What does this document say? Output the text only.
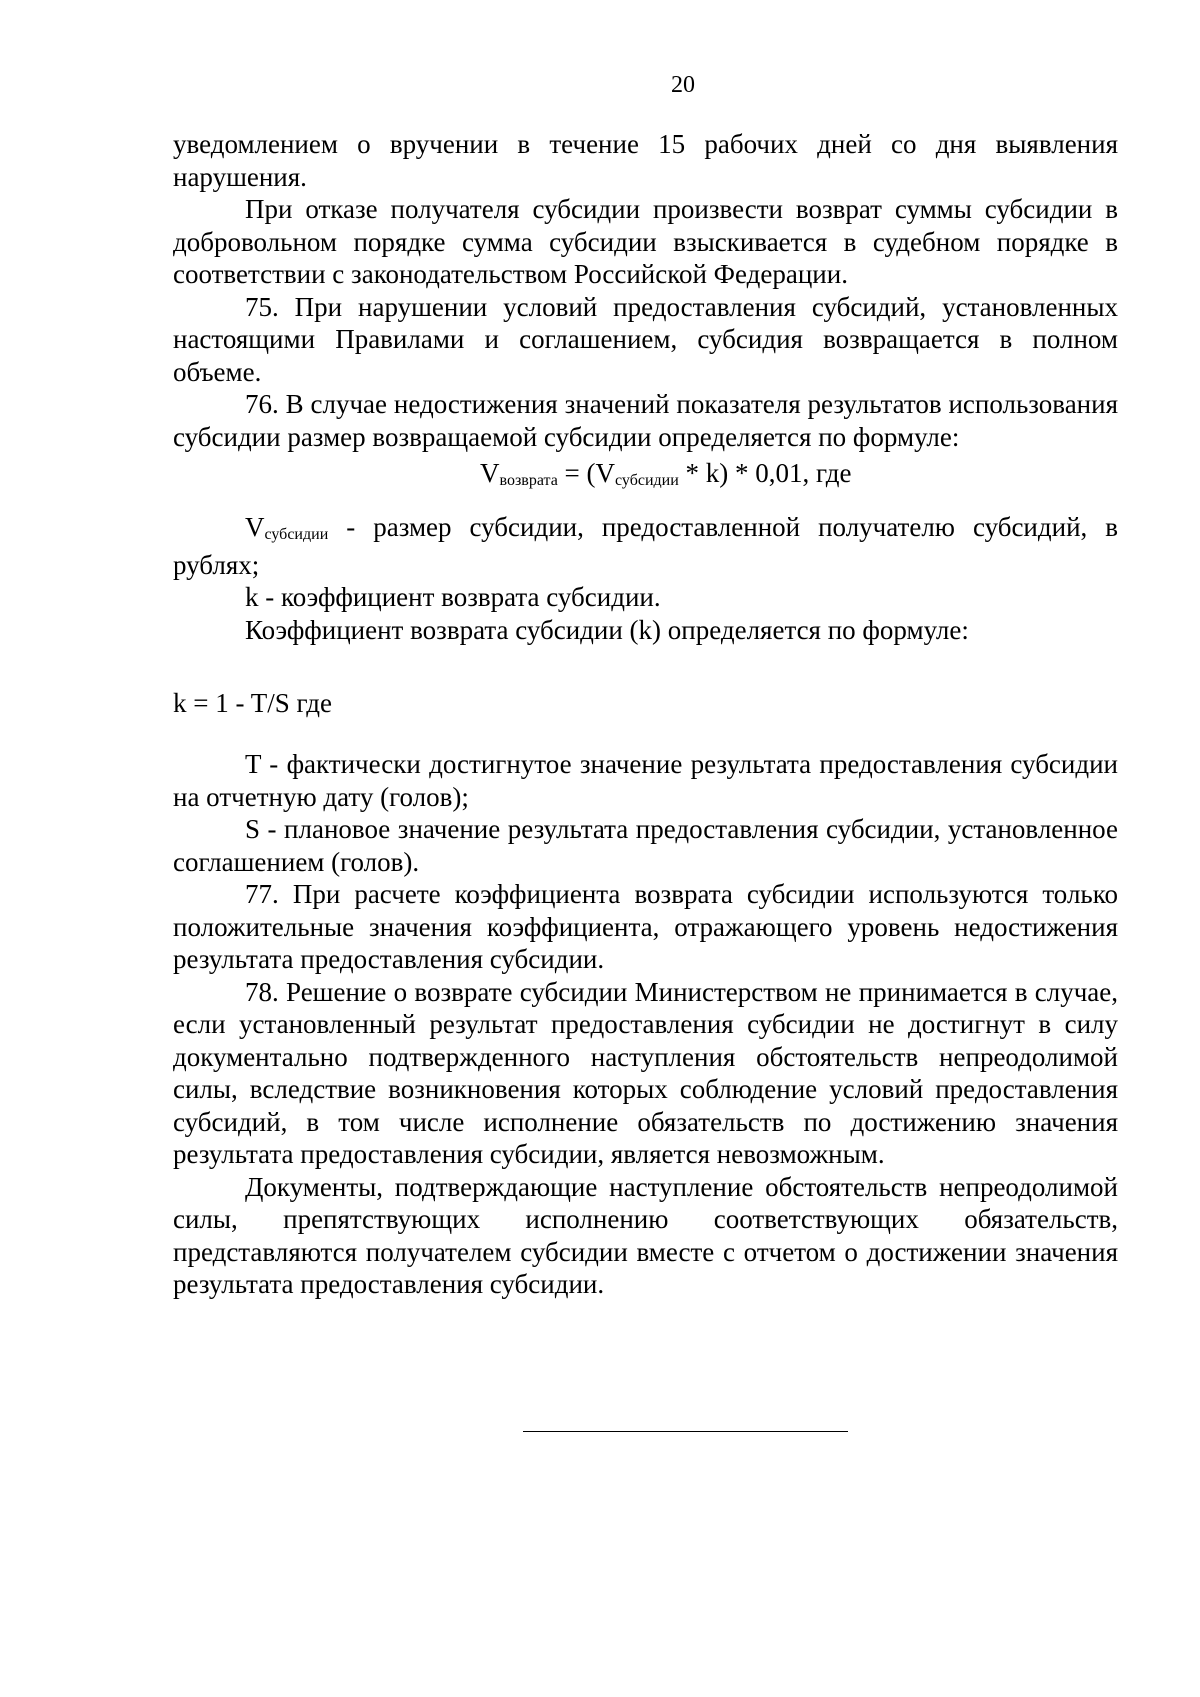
20

уведомлением о вручении в течение 15 рабочих дней со дня выявления нарушения.

При отказе получателя субсидии произвести возврат суммы субсидии в добровольном порядке сумма субсидии взыскивается в судебном порядке в соответствии с законодательством Российской Федерации.

75. При нарушении условий предоставления субсидий, установленных настоящими Правилами и соглашением, субсидия возвращается в полном объеме.

76. В случае недостижения значений показателя результатов использования субсидии размер возвращаемой субсидии определяется по формуле:

Vвозврата = (Vсубсидии * k) * 0,01, где

Vсубсидии - размер субсидии, предоставленной получателю субсидий, в рублях;

k - коэффициент возврата субсидии.

Коэффициент возврата субсидии (k) определяется по формуле:

k = 1 - T/S где

T - фактически достигнутое значение результата предоставления субсидии на отчетную дату (голов);

S - плановое значение результата предоставления субсидии, установленное соглашением (голов).

77. При расчете коэффициента возврата субсидии используются только положительные значения коэффициента, отражающего уровень недостижения результата предоставления субсидии.

78. Решение о возврате субсидии Министерством не принимается в случае, если установленный результат предоставления субсидии не достигнут в силу документально подтвержденного наступления обстоятельств непреодолимой силы, вследствие возникновения которых соблюдение условий предоставления субсидий, в том числе исполнение обязательств по достижению значения результата предоставления субсидии, является невозможным.

Документы, подтверждающие наступление обстоятельств непреодолимой силы, препятствующих исполнению соответствующих обязательств, представляются получателем субсидии вместе с отчетом о достижении значения результата предоставления субсидии.
